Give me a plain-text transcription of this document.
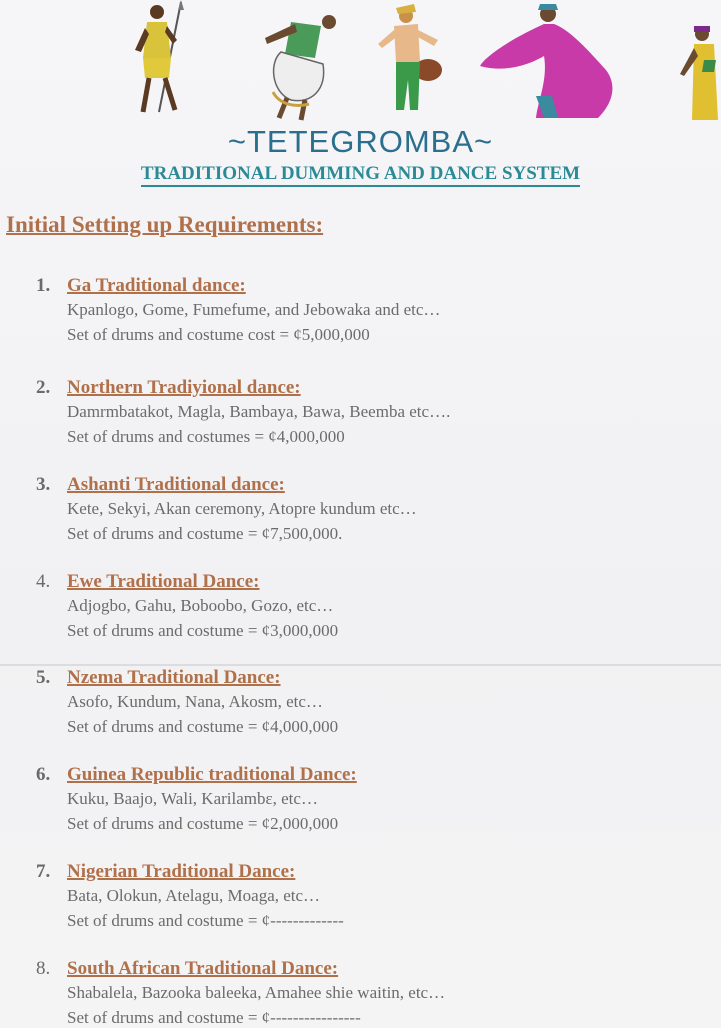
~TETEGROMBA~
TRADITIONAL DUMMING AND DANCE SYSTEM
Initial Setting up Requirements:
1. Ga Traditional dance:
Kpanlogo, Gome, Fumefume, and Jebowaka and etc…
Set of drums and costume cost = ¢5,000,000
2. Northern Tradiyional dance:
Damrmbatakot, Magla, Bambaya, Bawa, Beemba etc….
Set of drums and costumes = ¢4,000,000
3. Ashanti Traditional dance:
Kete, Sekyi, Akan ceremony, Atopre kundum etc…
Set of drums and costume = ¢7,500,000.
4. Ewe Traditional Dance:
Adjogbo, Gahu, Boboobo, Gozo, etc…
Set of drums and costume = ¢3,000,000
5. Nzema Traditional Dance:
Asofo, Kundum, Nana, Akosm, etc…
Set of drums and costume = ¢4,000,000
6. Guinea Republic traditional Dance:
Kuku, Baajo, Wali, Karilambɛ, etc…
Set of drums and costume = ¢2,000,000
7. Nigerian Traditional Dance:
Bata, Olokun, Atelagu, Moaga, etc…
Set of drums and costume = ¢-------------
8. South African Traditional Dance:
Shabalela, Bazooka baleeka, Amahee shie waitin, etc…
Set of drums and costume = ¢----------------
